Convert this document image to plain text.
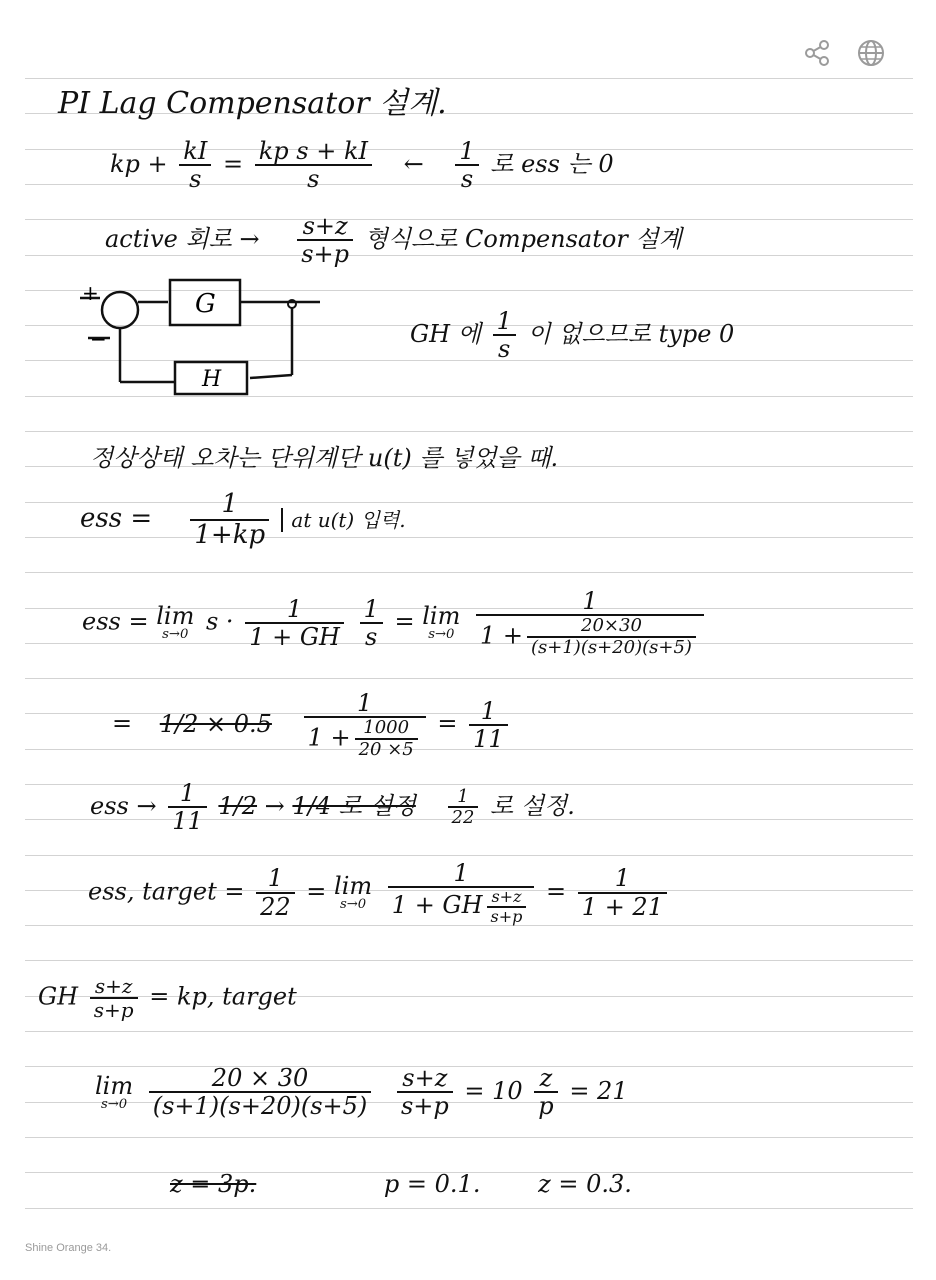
PI Lag Compensator 설계.
kp + $\frac{kI}{s} = \frac{\text{kp s + kI}}{s}$ ← $\frac{1}{s}$ 로 ess 는 0
active 회로 → $\frac{s+z}{s+p}$ 형식으로 Compensator 설계
+
−
G
H
GH 에 $\frac{1}{s}$ 이 없으므로 type 0
정상상태 오차는 단위계단 u(t) 를 넣었을 때.
ess = $\frac{1}{1+kp}$ at u(t) 입력.
ess = lim
s→0 $s \cdot \frac{1}{1 + GH}$
$\frac{1}{s} = \lim$
s→0
$\frac{1}{1 + \frac{20\times 30}{(s+1)(s+20)(s+5)}}$
= $1/2 \times 0.5 \frac{1}{1 + \frac{1000}{20 \times 5}} = \frac{1}{11}$
ess → $\frac{1}{11} 1/2 \to 1/4$ 로 설정 $\frac{1}{22}$ 로 설정.
ess, target = $\frac{1}{22} = \lim$
s→0
$\frac{1}{1 + GH \frac{s+z}{s+p}} = \frac{1}{1 + 21}$
GH $\frac{s+z}{s+p}$ = kp, target
lim
s→0
$\frac{20 \times 30}{(s+1)(s+20)(s+5)}$
$\frac{s+z}{s+p} = 10 \frac{z}{p} = 21$
z = 3p.	p = 0.1. z = 0.3.
Shine Orange 34.
